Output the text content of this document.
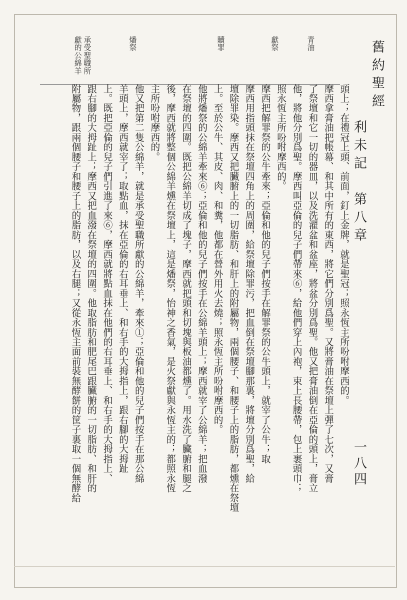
舊約聖經
利未記　第八章
一八四
青油
獻祭
贖罪
燔祭
承受聖職所獻的公綿羊
頭上；在禮冠上頭、前面，釘上金牌，就是聖冠；照永恆主所吩咐摩西的。
摩西拿膏油把帳幕、和其中所有的東西，將它們分別爲聖。又將膏油在祭壇上彈了七次，又膏
了祭壇和它一切的器皿，以及洗濯盆和盆座，將盆分別爲聖。他又把膏油倒在亞倫的頭上，膏立
他，將他分別爲聖。摩西叫亞倫的兒子們帶來⑥，給他們穿上內袍，束上長腰帶，包上裹頭巾；
照永恆主所吩咐摩西的。
摩西把解罪祭的公牛牽來；亞倫和他的兒子們按手在解罪祭的公牛頭上，就宰了公牛；取
摩西用指頭抹在祭壇四角上的周圍，給祭壇除罪污，把血倒在祭壇腳那裏，將壇分別爲聖，給
壇除罪染。摩西又把臟腑上的一切脂肪、和肝上的附屬物，兩個腰子、和腰子上的脂肪，都燻在祭壇
上。至於公牛、其皮、肉、和糞，他都在營外用火去燒；照永恆主所吩咐摩西的。
他將燔祭的公綿羊牽來⑥；亞倫和他的兒子們按手在公綿羊頭上；摩西就宰了公綿羊；把血潑
在祭壇的四圍。既把公綿羊切成了塊子，摩西就把頭和切塊與板油都燻了。用水洗了臟腑和腿之
後，摩西就將整個公綿羊燻在祭壇上，這是燔祭，怡神之香氣，是火祭獻與永恆主的；都照永恆
主所吩咐摩西的。
他又把第二隻公綿羊，就是承受聖職所獻的公綿羊，牽來①；亞倫和他的兒子們按手在那公綿
羊頭上，摩西就宰了；取點血，抹在亞倫的右耳垂上、和右手的大拇指上，跟右腳的大拇趾
上。既把亞倫的兒子們引進了來⑥，摩西就將點血抹在他們的右耳垂上、和右手的大拇指上、
跟右腳的大拇趾上；摩西又把血潑在祭壇的四圍。他取脂肪和肥尾巴跟臟腑的一切脂肪、和肝的
附屬物，跟兩個腰子和腰子上的脂肪，以及右腿；又從永恆主面前裝無酵餅的筐子裏取一個無酵給
